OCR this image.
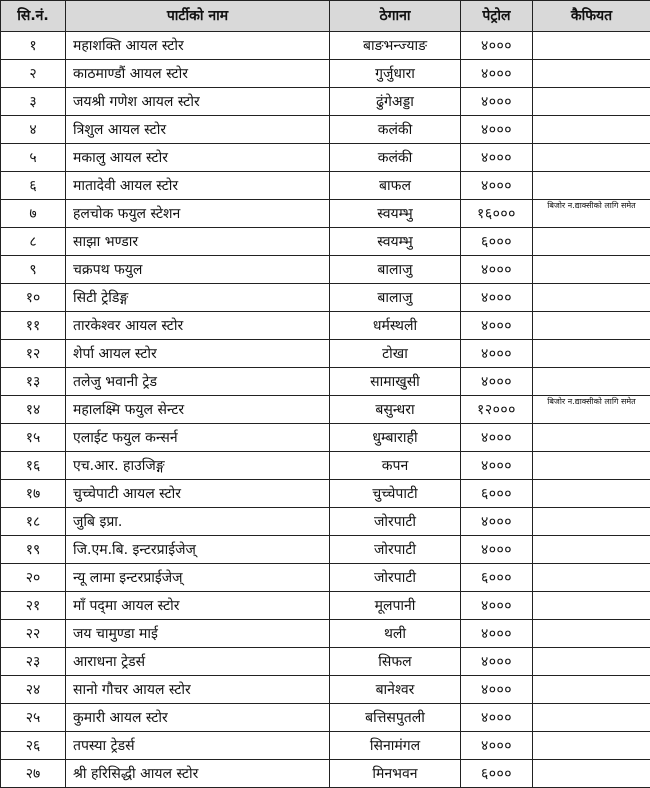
सि.नं.	पार्टीको नाम	ठेगाना	पेट्रोल	कैफियत
१	महाशक्ति आयल स्टोर	बाङभन्ज्याङ	४०००	
२	काठमाण्डौं आयल स्टोर	गुर्जुधारा	४०००	
३	जयश्री गणेश आयल स्टोर	ढुंगेअड्डा	४०००	
४	त्रिशुल आयल स्टोर	कलंकी	४०००	
५	मकालु आयल स्टोर	कलंकी	४०००	
६	मातादेवी आयल स्टोर	बाफल	४०००	
७	हलचोक फयुल स्टेशन	स्वयम्भु	१६०००	बिजोर न.द्याक्सीको लागि समेत
८	साझा भण्डार	स्वयम्भु	६०००	
९	चक्रपथ फयुल	बालाजु	४०००	
१०	सिटी ट्रेडिङ्ग	बालाजु	४०००	
११	तारकेश्वर आयल स्टोर	धर्मस्थली	४०००	
१२	शेर्पा आयल स्टोर	टोखा	४०००	
१३	तलेजु भवानी ट्रेड	सामाखुसी	४०००	
१४	महालक्ष्मि फयुल सेन्टर	बसुन्धरा	१२०००	बिजोर न.द्याक्सीको लागि समेत
१५	एलाईट फयुल कन्सर्न	धुम्बाराही	४०००	
१६	एच.आर. हाउजिङ्ग	कपन	४०००	
१७	चुच्चेपाटी आयल स्टोर	चुच्चेपाटी	६०००	
१८	जुबि इप्रा.	जोरपाटी	४०००	
१९	जि.एम.बि. इन्टरप्राईजेज्	जोरपाटी	४०००	
२०	न्यू लामा इन्टरप्राईजेज्	जोरपाटी	६०००	
२१	माँ पद्‍मा आयल स्टोर	मूलपानी	४०००	
२२	जय चामुण्डा माई	थली	४०००	
२३	आराधना ट्रेडर्स	सिफल	४०००	
२४	सानो गौचर आयल स्टोर	बानेश्वर	४०००	
२५	कुमारी आयल स्टोर	बत्तिसपुतली	४०००	
२६	तपस्या ट्रेडर्स	सिनामंगल	४०००	
२७	श्री हरिसिद्धी आयल स्टोर	मिनभवन	६०००	
